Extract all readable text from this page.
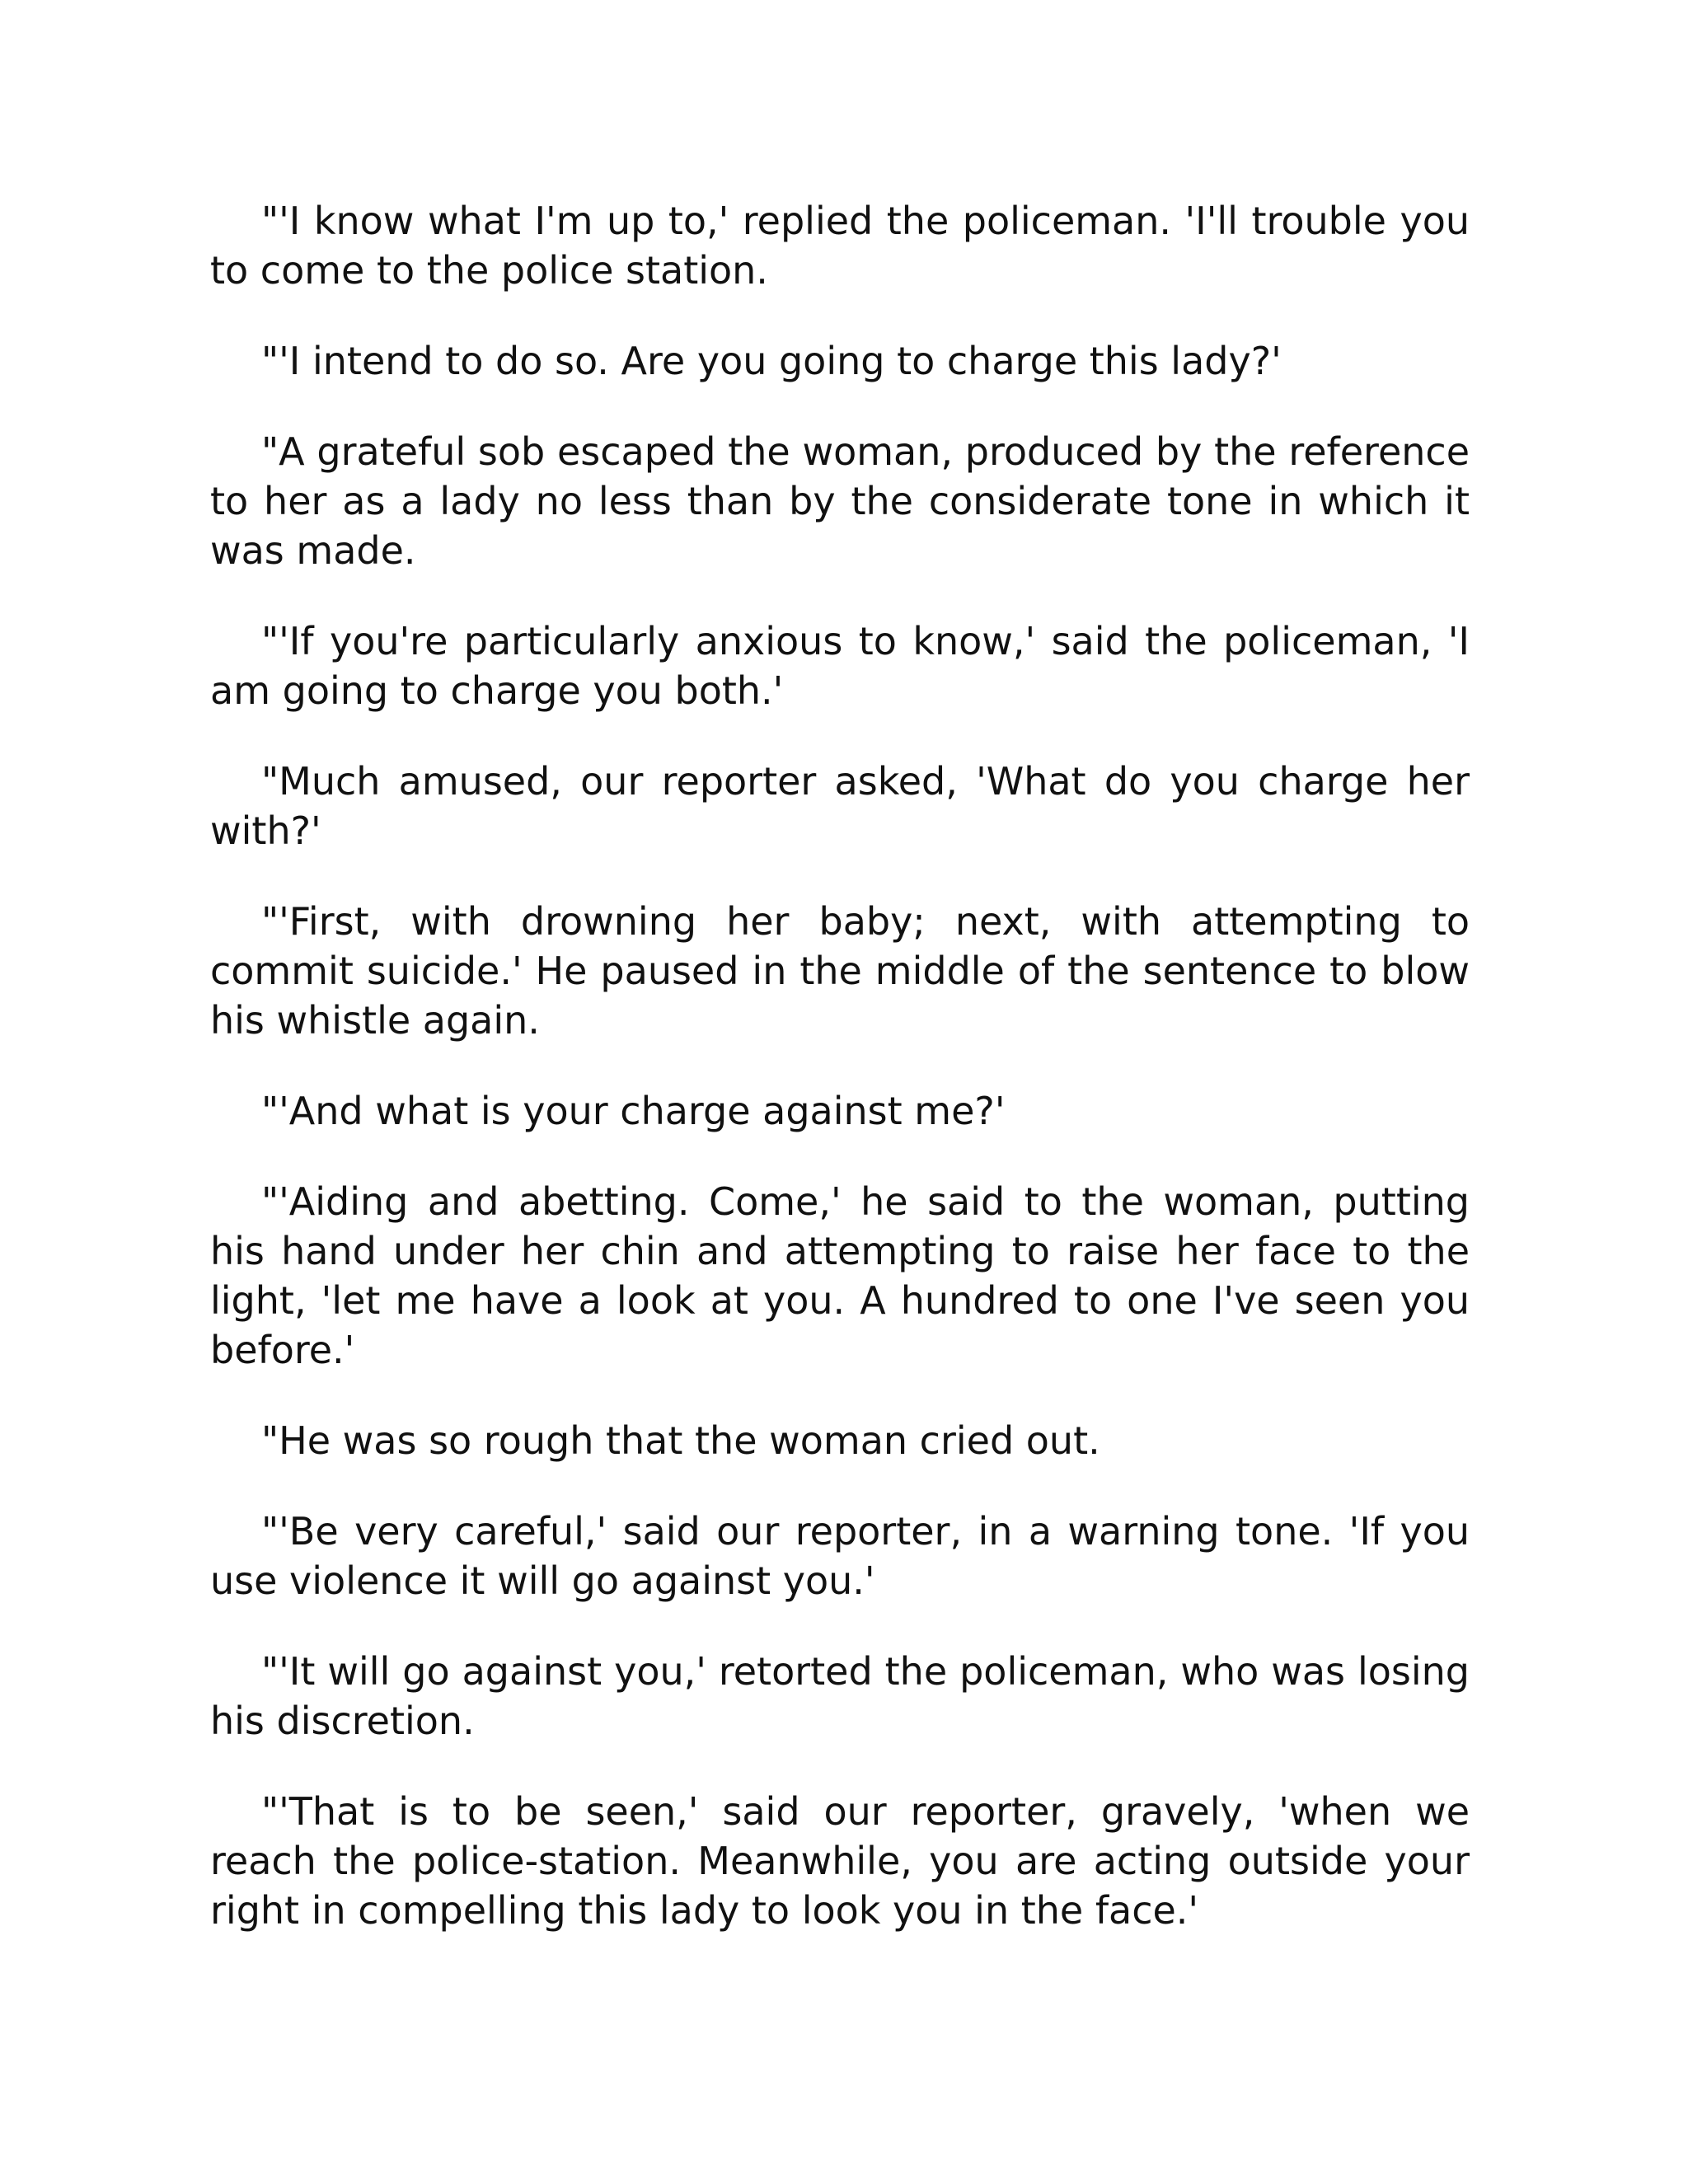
"'I know what I'm up to,' replied the policeman. 'I'll trouble you to come to the police station.

"'I intend to do so. Are you going to charge this lady?'

"A grateful sob escaped the woman, produced by the reference to her as a lady no less than by the considerate tone in which it was made.

"'If you're particularly anxious to know,' said the policeman, 'I am going to charge you both.'

"Much amused, our reporter asked, 'What do you charge her with?'

"'First, with drowning her baby; next, with attempting to commit suicide.' He paused in the middle of the sentence to blow his whistle again.

"'And what is your charge against me?'

"'Aiding and abetting. Come,' he said to the woman, putting his hand under her chin and attempting to raise her face to the light, 'let me have a look at you. A hundred to one I've seen you before.'

"He was so rough that the woman cried out.

"'Be very careful,' said our reporter, in a warning tone. 'If you use violence it will go against you.'

"'It will go against you,' retorted the policeman, who was losing his discretion.

"'That is to be seen,' said our reporter, gravely, 'when we reach the police-station. Meanwhile, you are acting outside your right in compelling this lady to look you in the face.'
